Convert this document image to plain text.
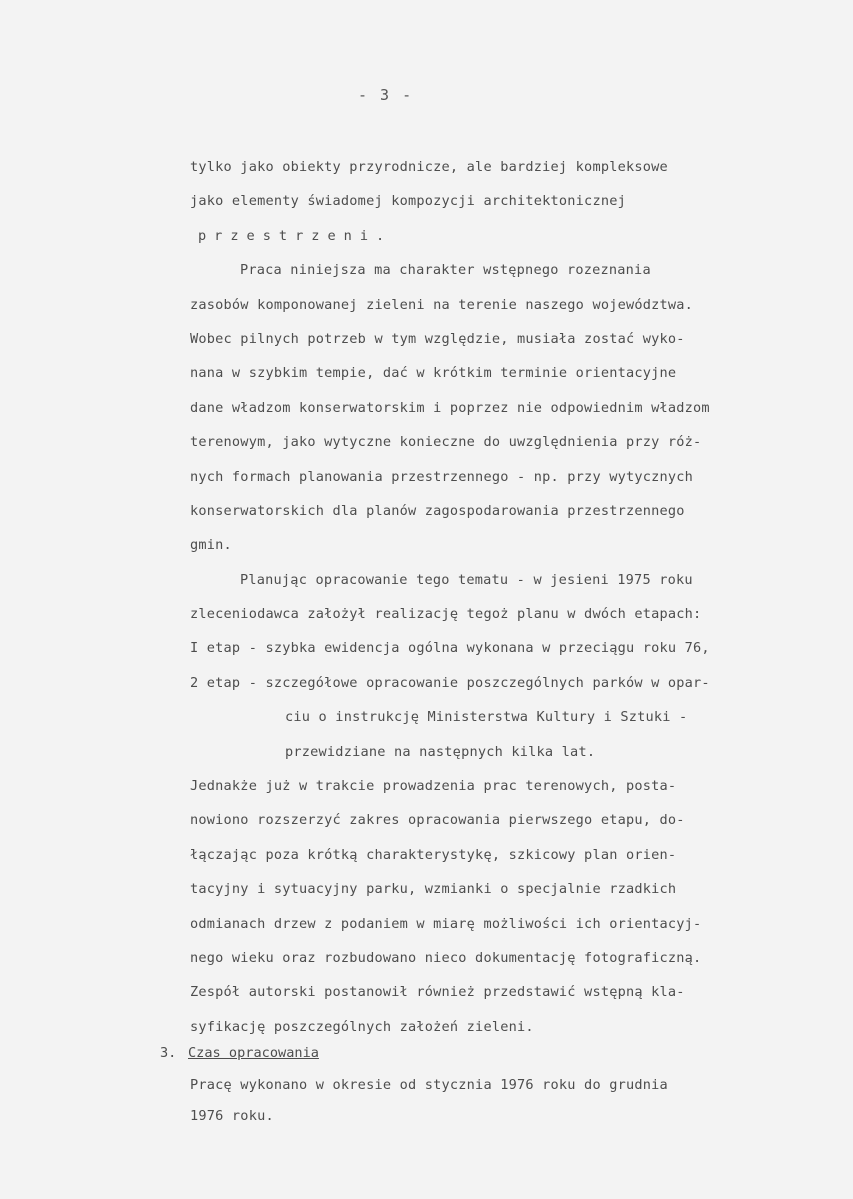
- 3 -
tylko jako obiekty przyrodnicze, ale bardziej kompleksowe
jako elementy świadomej kompozycji architektonicznej
przestrzeni.
Praca niniejsza ma charakter wstępnego rozeznania
zasobów komponowanej zieleni na terenie naszego województwa.
Wobec pilnych potrzeb w tym względzie, musiała zostać wyko-
nana w szybkim tempie, dać w krótkim terminie orientacyjne
dane władzom konserwatorskim i poprzez nie odpowiednim władzom
terenowym, jako wytyczne konieczne do uwzględnienia przy róż-
nych formach planowania przestrzennego - np. przy wytycznych
konserwatorskich dla planów zagospodarowania przestrzennego
gmin.
Planując opracowanie tego tematu - w jesieni 1975 roku
zleceniodawca założył realizację tegoż planu w dwóch etapach:
I etap - szybka ewidencja ogólna wykonana w przeciągu roku 76,
2 etap - szczegółowe opracowanie poszczególnych parków w opar-
ciu o instrukcję Ministerstwa Kultury i Sztuki -
przewidziane na następnych kilka lat.
Jednakże już w trakcie prowadzenia prac terenowych, posta-
nowiono rozszerzyć zakres opracowania pierwszego etapu, do-
łączając poza krótką charakterystykę, szkicowy plan orien-
tacyjny i sytuacyjny parku, wzmianki o specjalnie rzadkich
odmianach drzew z podaniem w miarę możliwości ich orientacyj-
nego wieku oraz rozbudowano nieco dokumentację fotograficzną.
Zespół autorski postanowił również przedstawić wstępną kla-
syfikację poszczególnych założeń zieleni.
3. Czas opracowania
Pracę wykonano w okresie od stycznia 1976 roku do grudnia
1976 roku.
